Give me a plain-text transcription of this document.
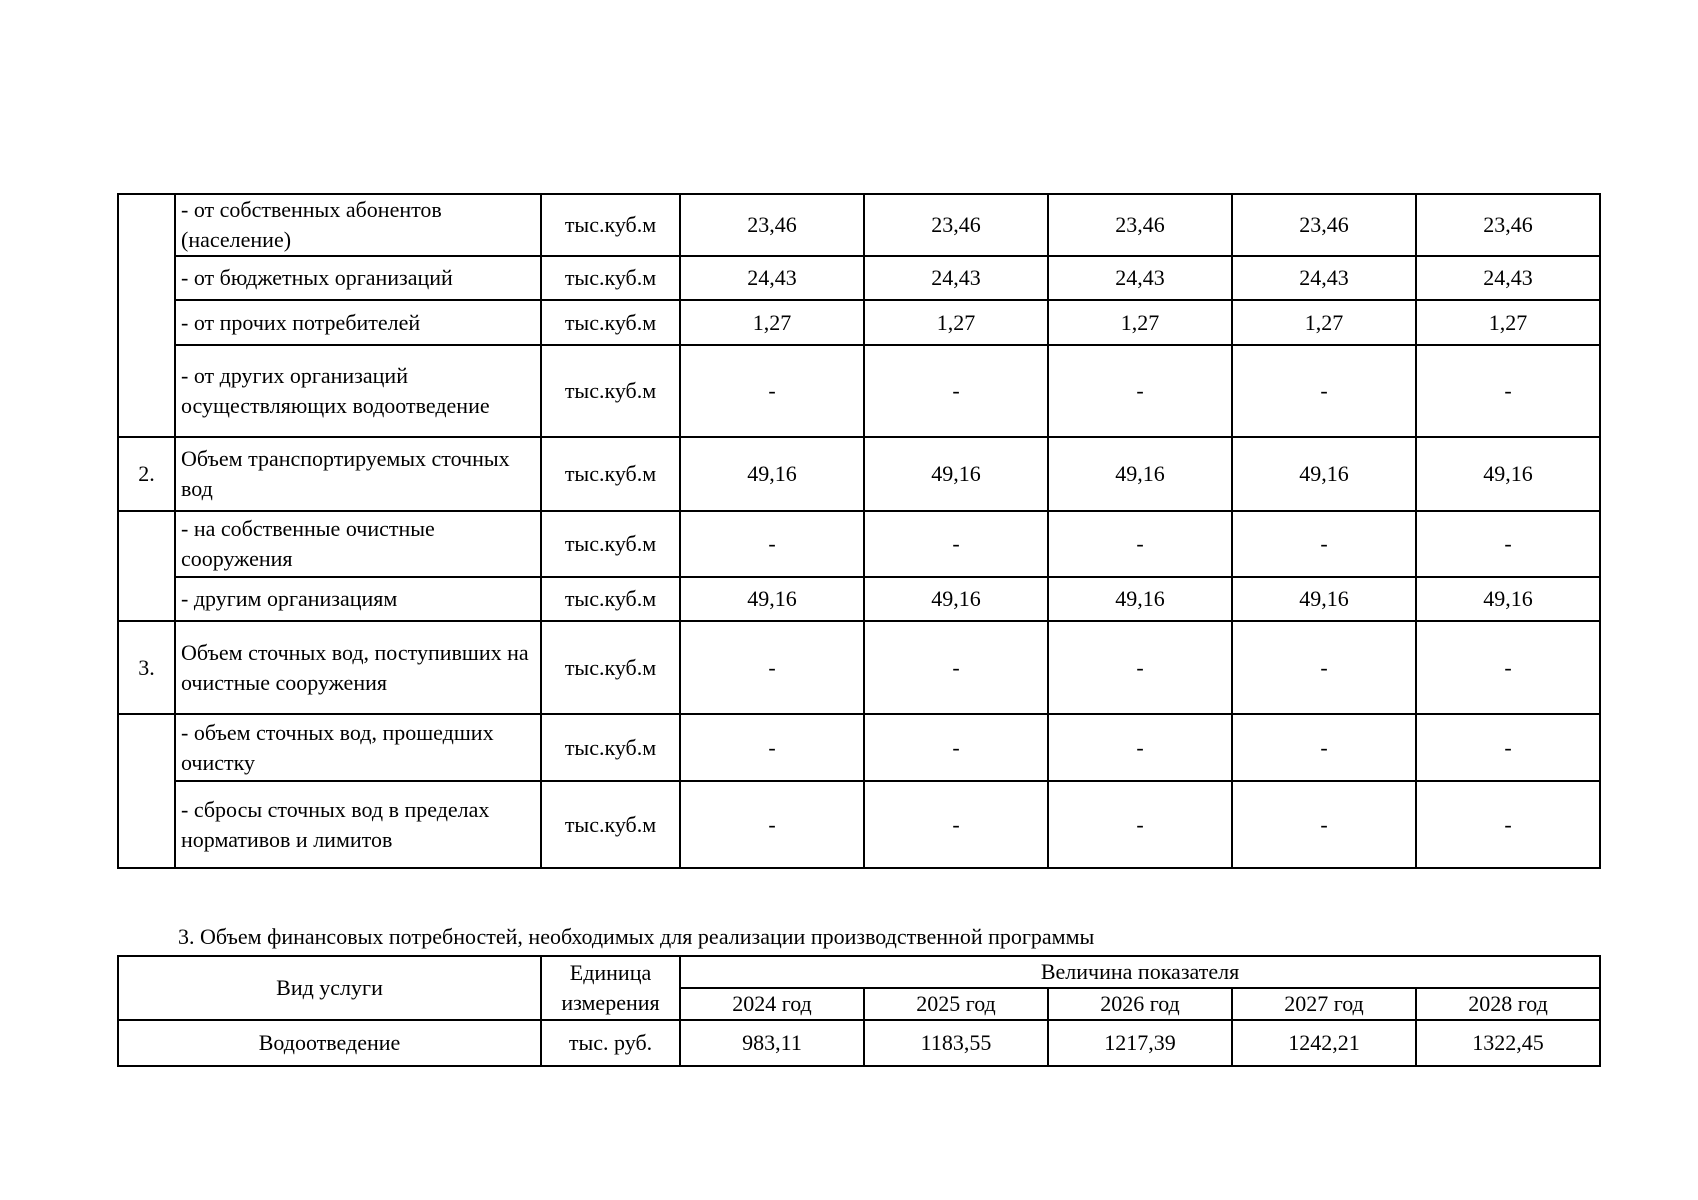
	- от собственных абонентов (население)	тыс.куб.м	23,46	23,46	23,46	23,46	23,46
	- от бюджетных организаций	тыс.куб.м	24,43	24,43	24,43	24,43	24,43
	- от прочих потребителей	тыс.куб.м	1,27	1,27	1,27	1,27	1,27
	- от других организаций осуществляющих водоотведение	тыс.куб.м	-	-	-	-	-
2.	Объем транспортируемых сточных вод	тыс.куб.м	49,16	49,16	49,16	49,16	49,16
	- на собственные очистные сооружения	тыс.куб.м	-	-	-	-	-
	- другим организациям	тыс.куб.м	49,16	49,16	49,16	49,16	49,16
3.	Объем сточных вод, поступивших на очистные сооружения	тыс.куб.м	-	-	-	-	-
	- объем сточных вод, прошедших очистку	тыс.куб.м	-	-	-	-	-
	- сбросы сточных вод в пределах нормативов и лимитов	тыс.куб.м	-	-	-	-	-
3. Объем финансовых потребностей, необходимых для реализации производственной программы
Вид услуги	Единица измерения	Величина показателя				
		2024 год	2025 год	2026 год	2027 год	2028 год
Водоотведение	тыс. руб.	983,11	1183,55	1217,39	1242,21	1322,45
